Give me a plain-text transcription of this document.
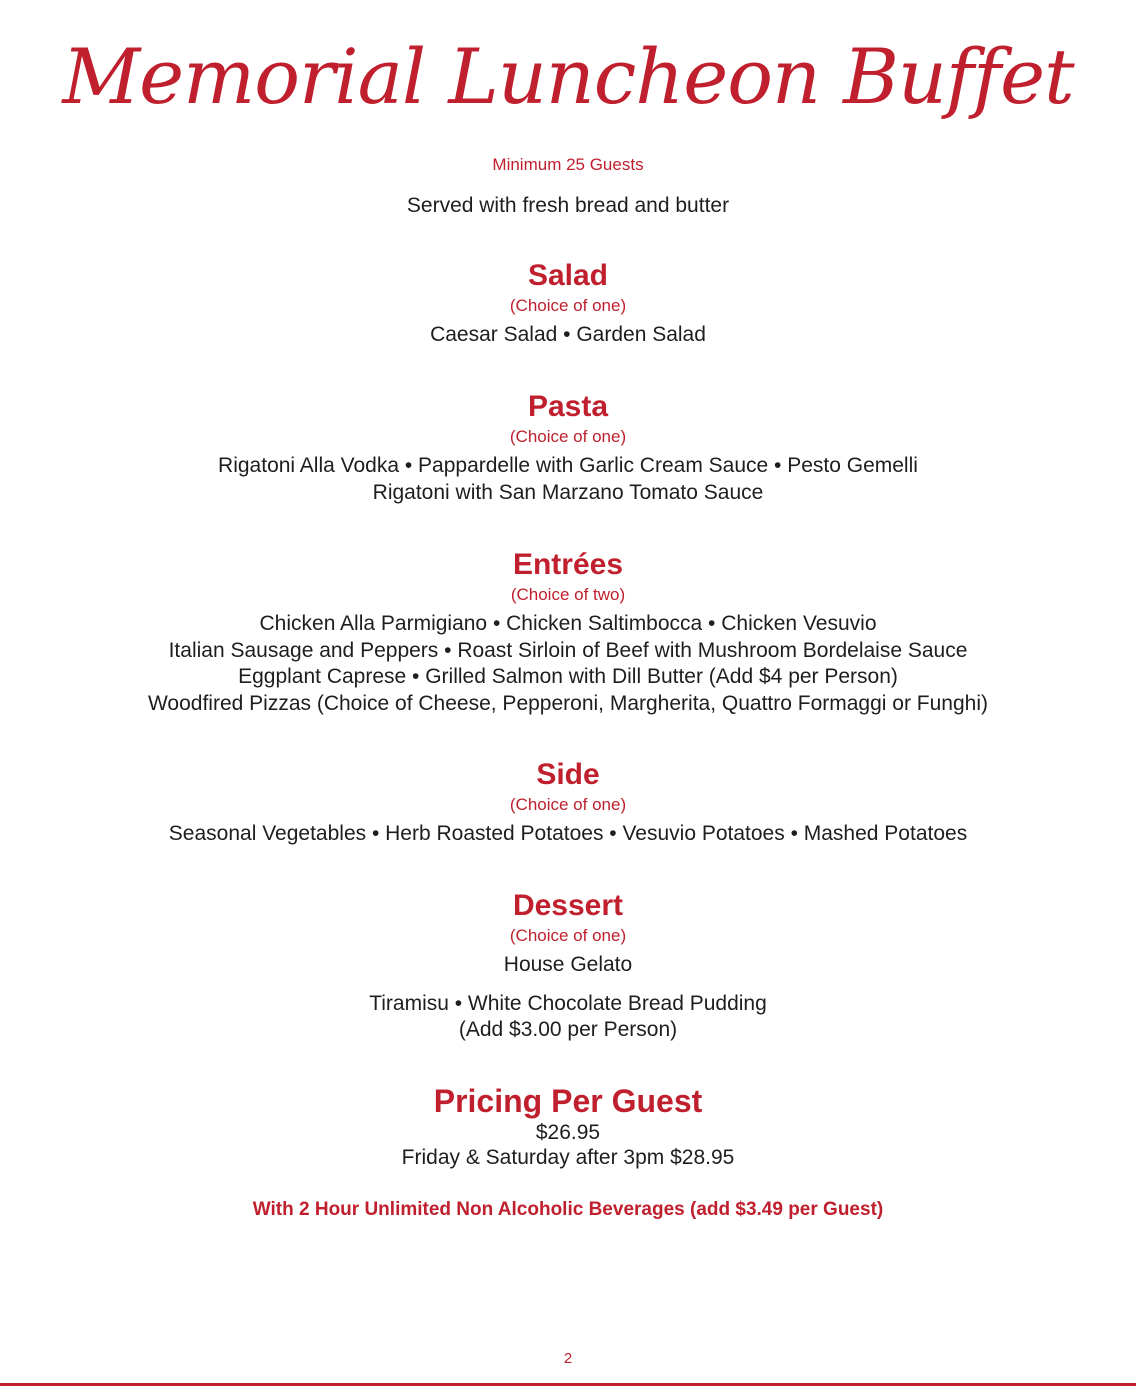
Memorial Luncheon Buffet
Minimum 25 Guests
Served with fresh bread and butter
Salad
(Choice of one)
Caesar Salad • Garden Salad
Pasta
(Choice of one)
Rigatoni Alla Vodka • Pappardelle with Garlic Cream Sauce • Pesto Gemelli
Rigatoni with San Marzano Tomato Sauce
Entrées
(Choice of two)
Chicken Alla Parmigiano • Chicken Saltimbocca • Chicken Vesuvio
Italian Sausage and Peppers • Roast Sirloin of Beef with Mushroom Bordelaise Sauce
Eggplant Caprese • Grilled Salmon with Dill Butter (Add $4 per Person)
Woodfired Pizzas (Choice of Cheese, Pepperoni, Margherita, Quattro Formaggi or Funghi)
Side
(Choice of one)
Seasonal Vegetables • Herb Roasted Potatoes • Vesuvio Potatoes • Mashed Potatoes
Dessert
(Choice of one)
House Gelato
Tiramisu • White Chocolate Bread Pudding
(Add $3.00 per Person)
Pricing Per Guest
$26.95
Friday & Saturday after 3pm $28.95
With 2 Hour Unlimited Non Alcoholic Beverages (add $3.49 per Guest)
2
